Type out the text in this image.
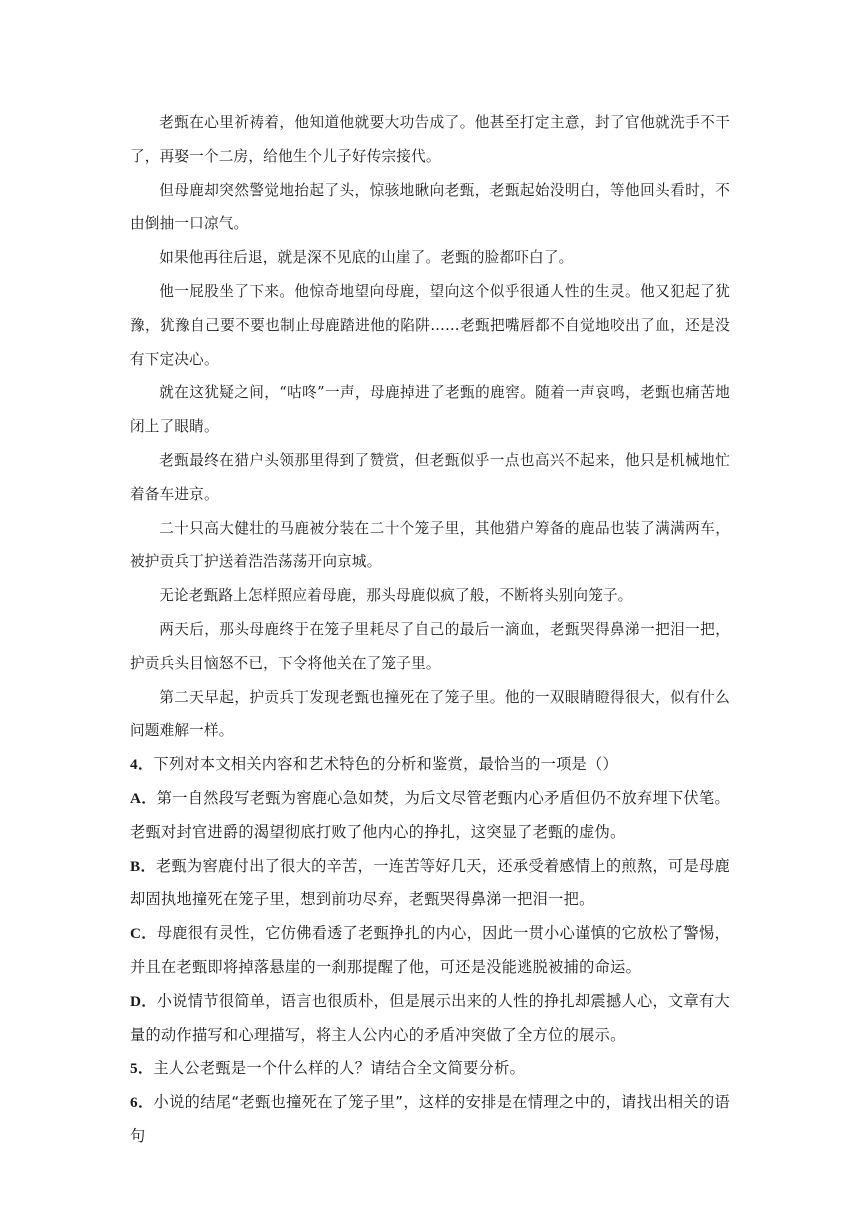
老甄在心里祈祷着，他知道他就要大功告成了。他甚至打定主意，封了官他就洗手不干了，再娶一个二房，给他生个儿子好传宗接代。

但母鹿却突然警觉地抬起了头，惊骇地瞅向老甄，老甄起始没明白，等他回头看时，不由倒抽一口凉气。

如果他再往后退，就是深不见底的山崖了。老甄的脸都吓白了。

他一屁股坐了下来。他惊奇地望向母鹿，望向这个似乎很通人性的生灵。他又犯起了犹豫，犹豫自己要不要也制止母鹿踏进他的陷阱……老甄把嘴唇都不自觉地咬出了血，还是没有下定决心。

就在这犹疑之间，“咕咚”一声，母鹿掉进了老甄的鹿窖。随着一声哀鸣，老甄也痛苦地闭上了眼睛。

老甄最终在猎户头领那里得到了赞赏，但老甄似乎一点也高兴不起来，他只是机械地忙着备车进京。

二十只高大健壮的马鹿被分装在二十个笼子里，其他猎户筹备的鹿品也装了满满两车，被护贡兵丁护送着浩浩荡荡开向京城。

无论老甄路上怎样照应着母鹿，那头母鹿似疯了般，不断将头别向笼子。

两天后，那头母鹿终于在笼子里耗尽了自己的最后一滴血，老甄哭得鼻涕一把泪一把，护贡兵头目恼怒不已，下令将他关在了笼子里。

第二天早起，护贡兵丁发现老甄也撞死在了笼子里。他的一双眼睛瞪得很大，似有什么问题难解一样。

4．下列对本文相关内容和艺术特色的分析和鉴赏，最恰当的一项是（）

A．第一自然段写老甄为窖鹿心急如焚，为后文尽管老甄内心矛盾但仍不放弃埋下伏笔。老甄对封官进爵的渴望彻底打败了他内心的挣扎，这突显了老甄的虚伪。

B．老甄为窖鹿付出了很大的辛苦，一连苦等好几天，还承受着感情上的煎熬，可是母鹿却固执地撞死在笼子里，想到前功尽弃，老甄哭得鼻涕一把泪一把。

C．母鹿很有灵性，它仿佛看透了老甄挣扎的内心，因此一贯小心谨慎的它放松了警惕，并且在老甄即将掉落悬崖的一刹那提醒了他，可还是没能逃脱被捕的命运。

D．小说情节很简单，语言也很质朴，但是展示出来的人性的挣扎却震撼人心，文章有大量的动作描写和心理描写，将主人公内心的矛盾冲突做了全方位的展示。

5．主人公老甄是一个什么样的人？请结合全文简要分析。

6．小说的结尾“老甄也撞死在了笼子里”，这样的安排是在情理之中的，请找出相关的语句
